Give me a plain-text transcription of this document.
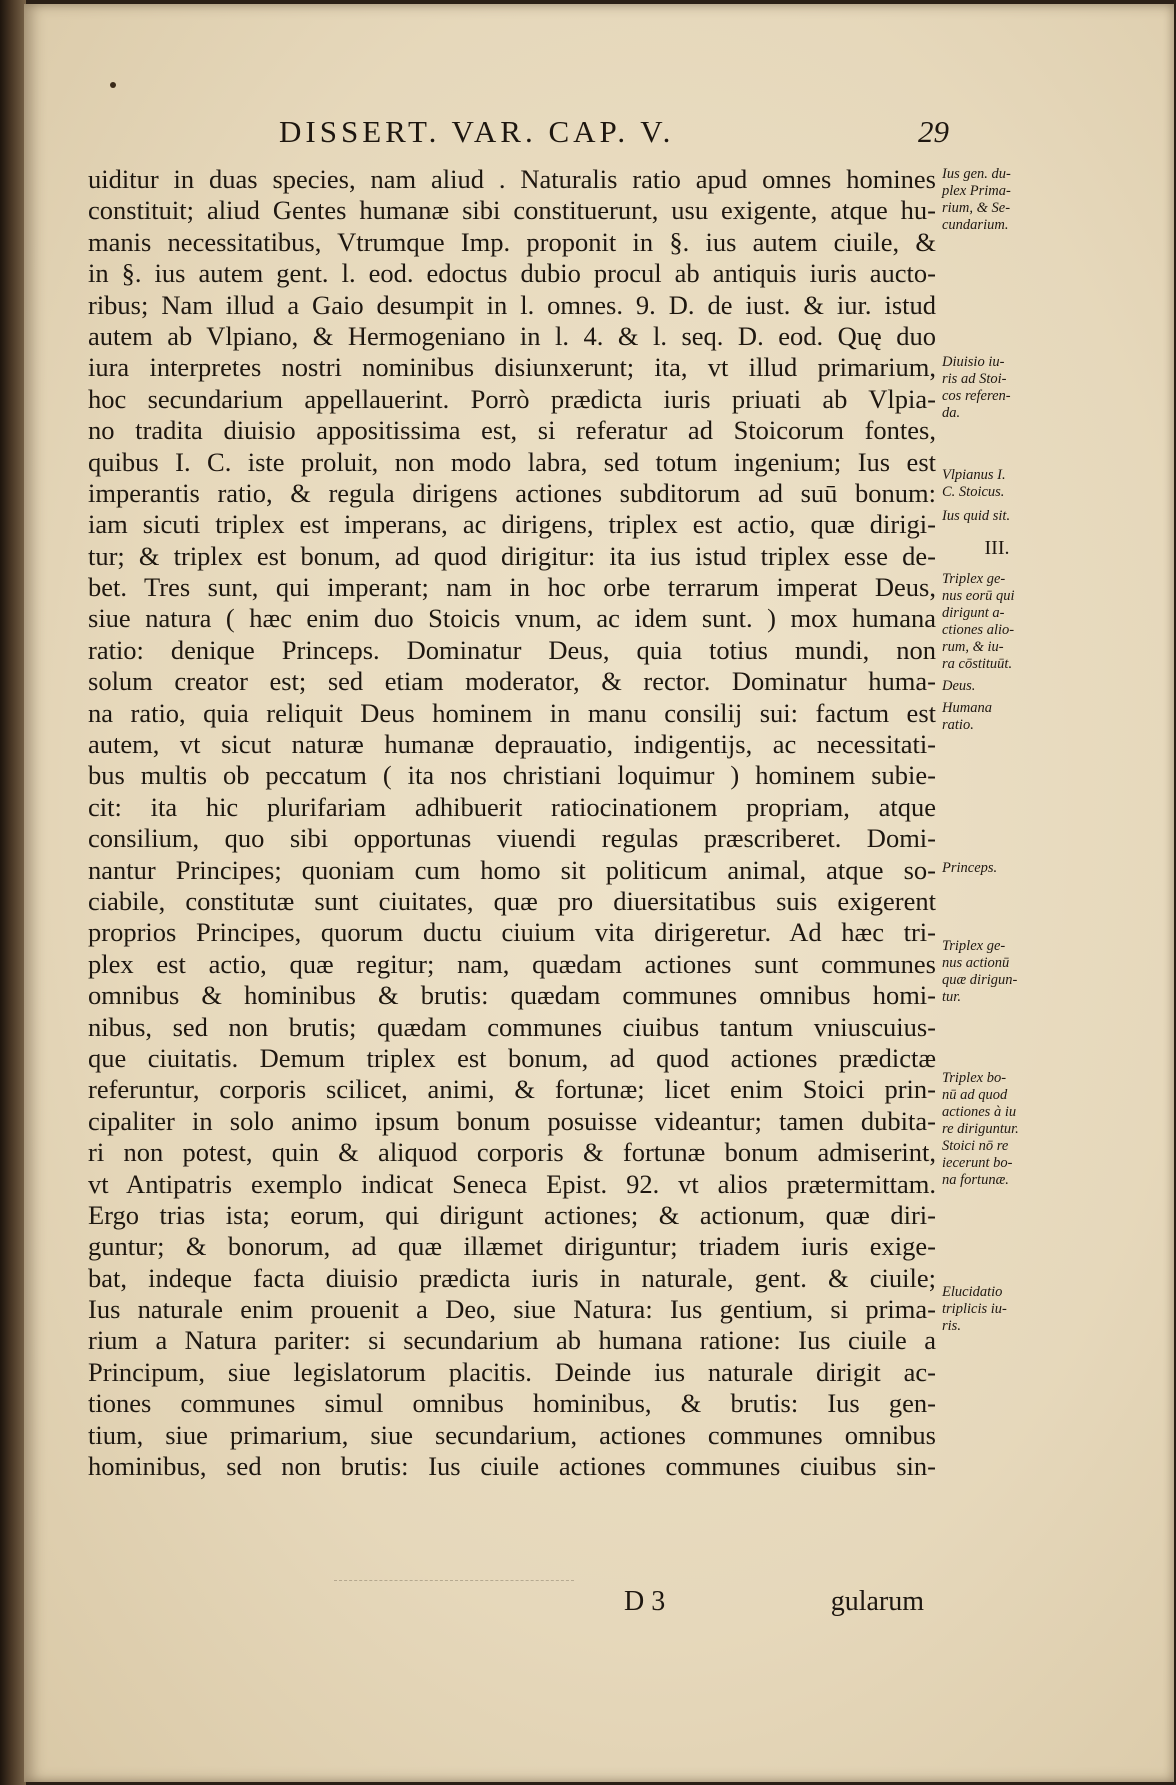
DISSERT. VAR. CAP. V.	29
uiditur in duas species, nam aliud . Naturalis ratio apud omnes homines
constituit; aliud Gentes humanæ sibi constituerunt, usu exigente, atque hu-
manis necessitatibus, Vtrumque Imp. proponit in §. ius autem ciuile, &
in §. ius autem gent. l. eod. edoctus dubio procul ab antiquis iuris aucto-
ribus; Nam illud a Gaio desumpit in l. omnes. 9. D. de iust. & iur. istud
autem ab Vlpiano, & Hermogeniano in l. 4. & l. seq. D. eod. Quę duo
iura interpretes nostri nominibus disiunxerunt; ita, vt illud primarium,
hoc secundarium appellauerint. Porrò prædicta iuris priuati ab Vlpia-
no tradita diuisio appositissima est, si referatur ad Stoicorum fontes,
quibus I. C. iste proluit, non modo labra, sed totum ingenium; Ius est
imperantis ratio, & regula dirigens actiones subditorum ad suū bonum:
iam sicuti triplex est imperans, ac dirigens, triplex est actio, quæ dirigi-
tur; & triplex est bonum, ad quod dirigitur: ita ius istud triplex esse de-
bet. Tres sunt, qui imperant; nam in hoc orbe terrarum imperat Deus,
siue natura ( hæc enim duo Stoicis vnum, ac idem sunt. ) mox humana
ratio: denique Princeps. Dominatur Deus, quia totius mundi, non
solum creator est; sed etiam moderator, & rector. Dominatur huma-
na ratio, quia reliquit Deus hominem in manu consilij sui: factum est
autem, vt sicut naturæ humanæ deprauatio, indigentijs, ac necessitati-
bus multis ob peccatum ( ita nos christiani loquimur ) hominem subie-
cit: ita hic plurifariam adhibuerit ratiocinationem propriam, atque
consilium, quo sibi opportunas viuendi regulas præscriberet. Domi-
nantur Principes; quoniam cum homo sit politicum animal, atque so-
ciabile, constitutæ sunt ciuitates, quæ pro diuersitatibus suis exigerent
proprios Principes, quorum ductu ciuium vita dirigeretur. Ad hæc tri-
plex est actio, quæ regitur; nam, quædam actiones sunt communes
omnibus & hominibus & brutis: quædam communes omnibus homi-
nibus, sed non brutis; quædam communes ciuibus tantum vniuscuius-
que ciuitatis. Demum triplex est bonum, ad quod actiones prædictæ
referuntur, corporis scilicet, animi, & fortunæ; licet enim Stoici prin-
cipaliter in solo animo ipsum bonum posuisse videantur; tamen dubita-
ri non potest, quin & aliquod corporis & fortunæ bonum admiserint,
vt Antipatris exemplo indicat Seneca Epist. 92. vt alios prætermittam.
Ergo trias ista; eorum, qui dirigunt actiones; & actionum, quæ diri-
guntur; & bonorum, ad quæ illæmet diriguntur; triadem iuris exige-
bat, indeque facta diuisio prædicta iuris in naturale, gent. & ciuile;
Ius naturale enim prouenit a Deo, siue Natura: Ius gentium, si prima-
rium a Natura pariter: si secundarium ab humana ratione: Ius ciuile a
Principum, siue legislatorum placitis. Deinde ius naturale dirigit ac-
tiones communes simul omnibus hominibus, & brutis: Ius gen-
tium, siue primarium, siue secundarium, actiones communes omnibus
hominibus, sed non brutis: Ius ciuile actiones communes ciuibus sin-
Ius gen. du-
plex Prima-
rium, & Se-
cundarium.
Diuisio iu-
ris ad Stoi-
cos referen-
da.
Vlpianus I.
C. Stoicus.
Ius quid sit.
III.
Triplex ge-
nus eorū qui
dirigunt a-
ctiones alio-
rum, & iu-
ra cōstituūt.
Deus.
Humana
ratio.
Princeps.
Triplex ge-
nus actionū
quæ dirigun-
tur.
Triplex bo-
nū ad quod
actiones à iu
re diriguntur.
Stoici nō re
iecerunt bo-
na fortunæ.
Elucidatio
triplicis iu-
ris.
D 3	gularum
